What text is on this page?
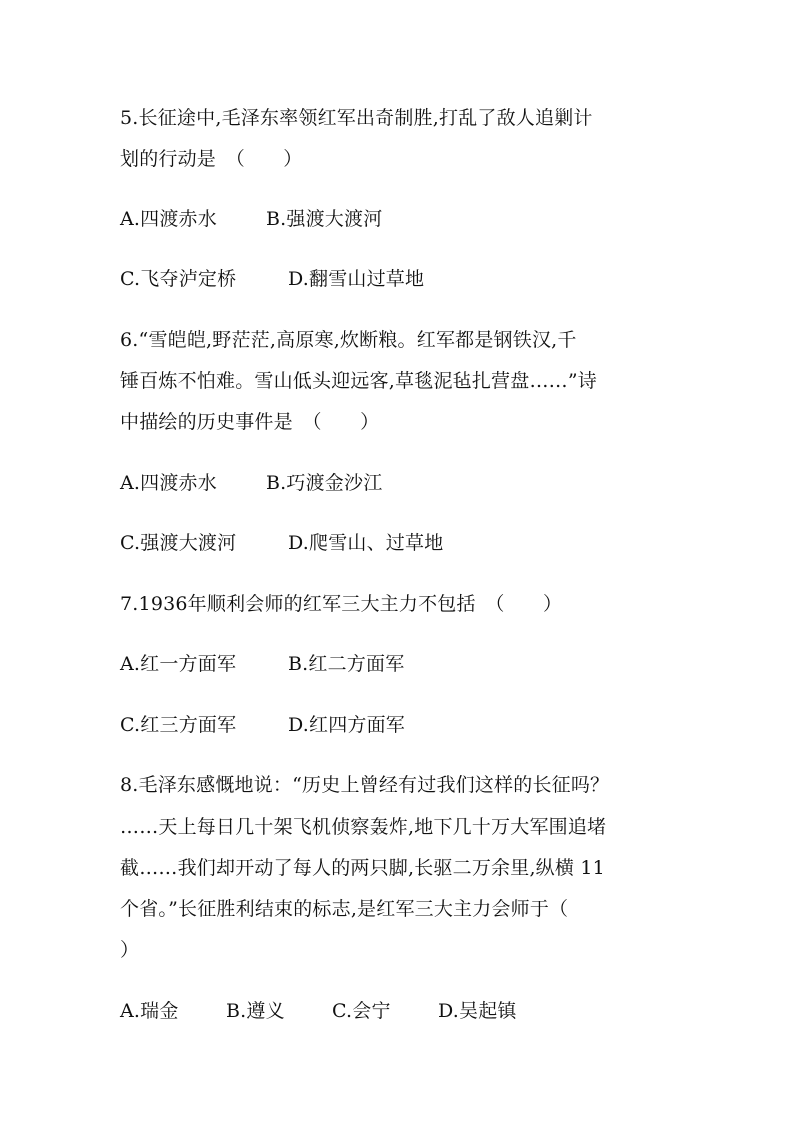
5.长征途中,毛泽东率领红军出奇制胜,打乱了敌人追剿计
划的行动是　（　　）
A.四渡赤水	B.强渡大渡河
C.飞夺泸定桥	D.翻雪山过草地
6.“雪皑皑,野茫茫,高原寒,炊断粮。红军都是钢铁汉,千
锤百炼不怕难。雪山低头迎远客,草毯泥毡扎营盘……”诗
中描绘的历史事件是　（　　）
A.四渡赤水	B.巧渡金沙江
C.强渡大渡河	D.爬雪山、过草地
7.1936年顺利会师的红军三大主力不包括　（　　）
A.红一方面军	B.红二方面军
C.红三方面军	D.红四方面军
8.毛泽东感慨地说：“历史上曾经有过我们这样的长征吗？
……天上每日几十架飞机侦察轰炸,地下几十万大军围追堵
截……我们却开动了每人的两只脚,长驱二万余里,纵横 11
个省。”长征胜利结束的标志,是红军三大主力会师于（
）
A.瑞金 B.遵义 C.会宁 D.吴起镇
